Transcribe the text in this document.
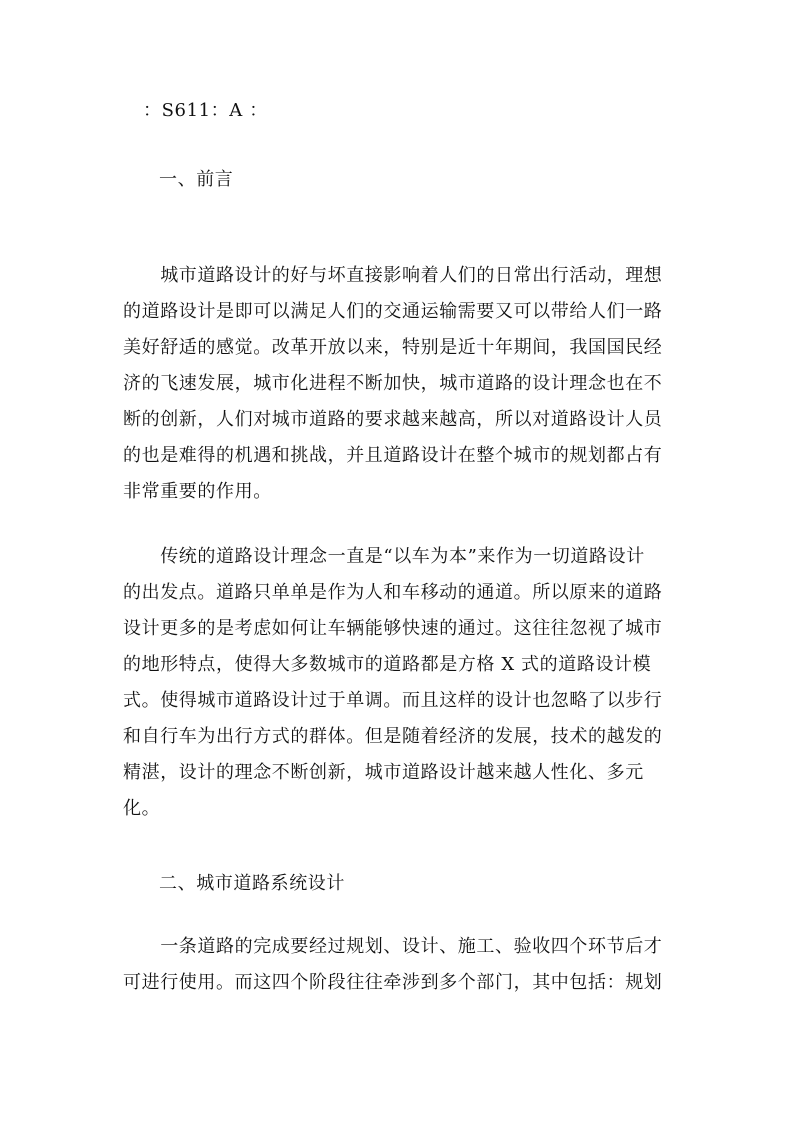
：S611：A ：

一、前言

　　城市道路设计的好与坏直接影响着人们的日常出行活动，理想
的道路设计是即可以满足人们的交通运输需要又可以带给人们一路
美好舒适的感觉。改革开放以来，特别是近十年期间，我国国民经
济的飞速发展，城市化进程不断加快，城市道路的设计理念也在不
断的创新，人们对城市道路的要求越来越高，所以对道路设计人员
的也是难得的机遇和挑战，并且道路设计在整个城市的规划都占有
非常重要的作用。
　　传统的道路设计理念一直是“以车为本”来作为一切道路设计
的出发点。道路只单单是作为人和车移动的通道。所以原来的道路
设计更多的是考虑如何让车辆能够快速的通过。这往往忽视了城市
的地形特点，使得大多数城市的道路都是方格 X 式的道路设计模
式。使得城市道路设计过于单调。而且这样的设计也忽略了以步行
和自行车为出行方式的群体。但是随着经济的发展，技术的越发的
精湛，设计的理念不断创新，城市道路设计越来越人性化、多元
化。

二、城市道路系统设计

　　一条道路的完成要经过规划、设计、施工、验收四个环节后才
可进行使用。而这四个阶段往往牵涉到多个部门，其中包括：规划
